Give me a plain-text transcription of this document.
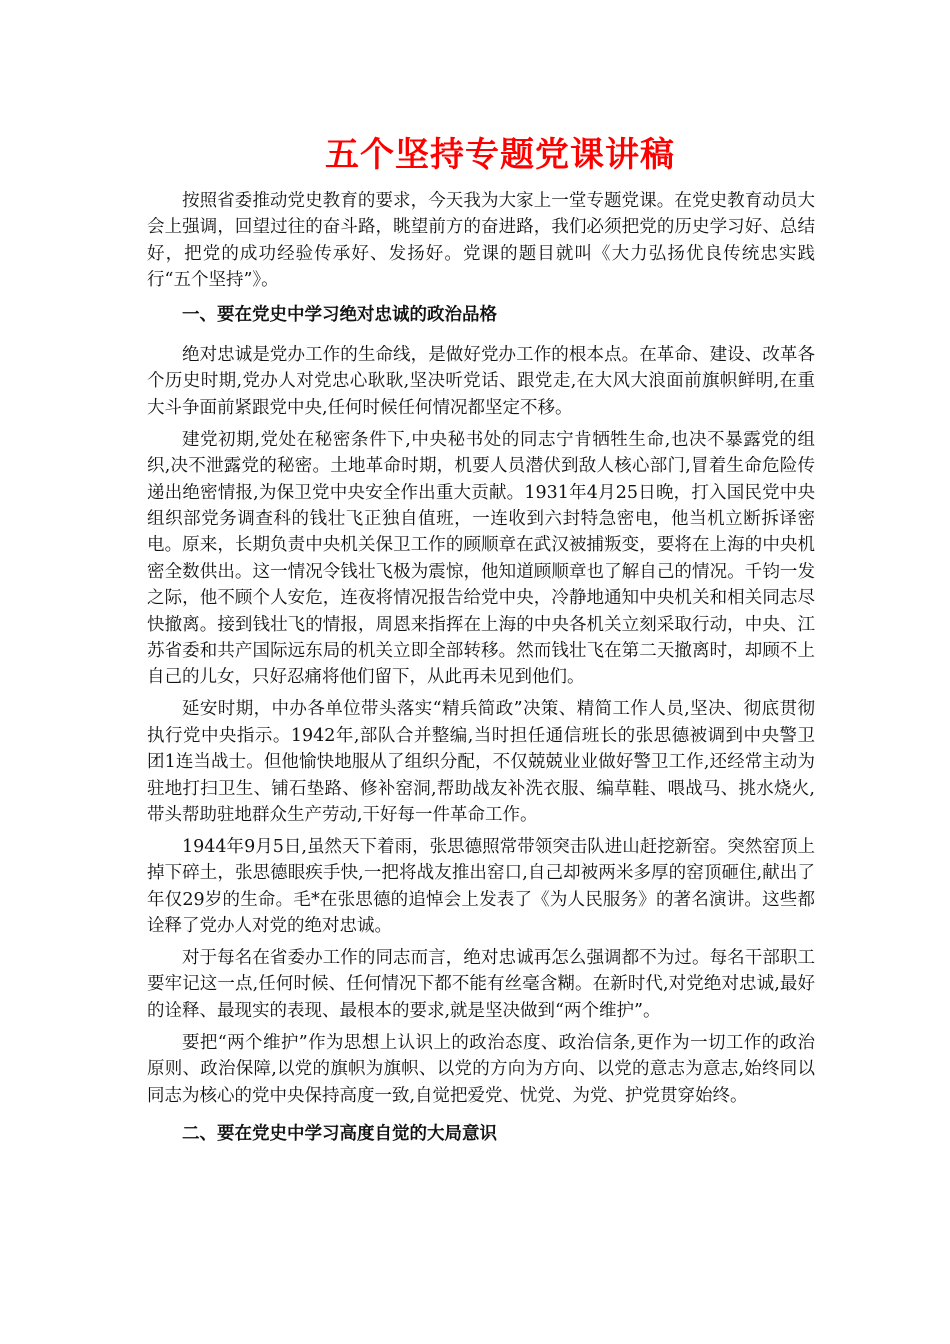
五个坚持专题党课讲稿

按照省委推动党史教育的要求，今天我为大家上一堂专题党课。在党史教育动员大会上强调，回望过往的奋斗路，眺望前方的奋进路，我们必须把党的历史学习好、总结好，把党的成功经验传承好、发扬好。党课的题目就叫《大力弘扬优良传统忠实践行“五个坚持”》。

一、要在党史中学习绝对忠诚的政治品格

绝对忠诚是党办工作的生命线，是做好党办工作的根本点。在革命、建设、改革各个历史时期,党办人对党忠心耿耿,坚决听党话、跟党走,在大风大浪面前旗帜鲜明,在重大斗争面前紧跟党中央,任何时候任何情况都坚定不移。

建党初期,党处在秘密条件下,中央秘书处的同志宁肯牺牲生命,也决不暴露党的组织,决不泄露党的秘密。土地革命时期，机要人员潜伏到敌人核心部门,冒着生命危险传递出绝密情报,为保卫党中央安全作出重大贡献。1931年4月25日晚，打入国民党中央组织部党务调查科的钱壮飞正独自值班，一连收到六封特急密电，他当机立断拆译密电。原来，长期负责中央机关保卫工作的顾顺章在武汉被捕叛变，要将在上海的中央机密全数供出。这一情况令钱壮飞极为震惊，他知道顾顺章也了解自己的情况。千钧一发之际，他不顾个人安危，连夜将情况报告给党中央，冷静地通知中央机关和相关同志尽快撤离。接到钱壮飞的情报，周恩来指挥在上海的中央各机关立刻采取行动，中央、江苏省委和共产国际远东局的机关立即全部转移。然而钱壮飞在第二天撤离时，却顾不上自己的儿女，只好忍痛将他们留下，从此再未见到他们。

延安时期，中办各单位带头落实“精兵简政”决策、精简工作人员,坚决、彻底贯彻执行党中央指示。1942年,部队合并整编,当时担任通信班长的张思德被调到中央警卫团1连当战士。但他愉快地服从了组织分配，不仅兢兢业业做好警卫工作,还经常主动为驻地打扫卫生、铺石垫路、修补窑洞,帮助战友补洗衣服、编草鞋、喂战马、挑水烧火,带头帮助驻地群众生产劳动,干好每一件革命工作。

1944年9月5日,虽然天下着雨，张思德照常带领突击队进山赶挖新窑。突然窑顶上掉下碎土，张思德眼疾手快,一把将战友推出窑口,自己却被两米多厚的窑顶砸住,献出了年仅29岁的生命。毛*在张思德的追悼会上发表了《为人民服务》的著名演讲。这些都诠释了党办人对党的绝对忠诚。

对于每名在省委办工作的同志而言，绝对忠诚再怎么强调都不为过。每名干部职工要牢记这一点,任何时候、任何情况下都不能有丝毫含糊。在新时代,对党绝对忠诚,最好的诠释、最现实的表现、最根本的要求,就是坚决做到“两个维护”。

要把“两个维护”作为思想上认识上的政治态度、政治信条,更作为一切工作的政治原则、政治保障,以党的旗帜为旗帜、以党的方向为方向、以党的意志为意志,始终同以同志为核心的党中央保持高度一致,自觉把爱党、忧党、为党、护党贯穿始终。

二、要在党史中学习高度自觉的大局意识
